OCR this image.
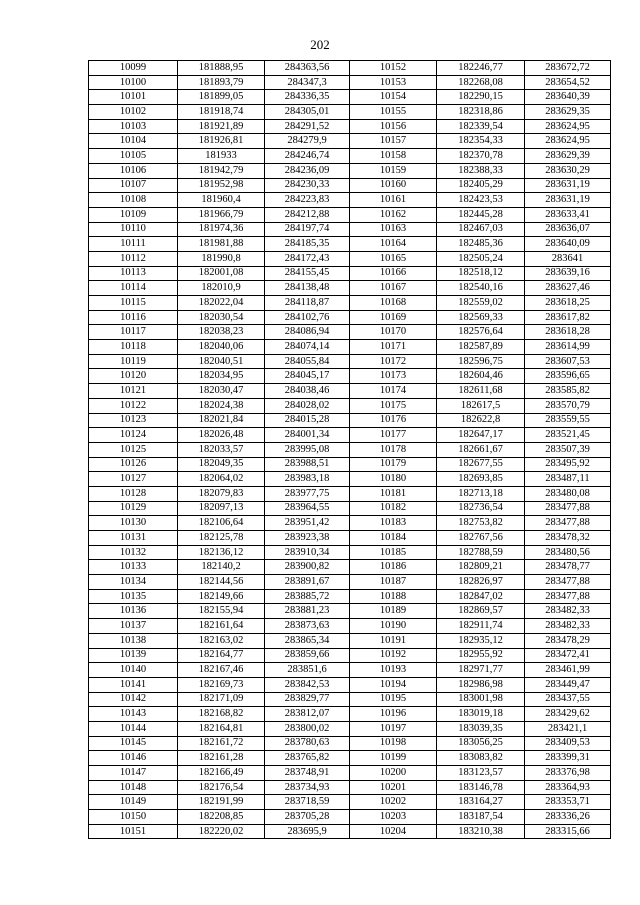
202
10099	181888,95	284363,56	10152	182246,77	283672,72
10100	181893,79	284347,3	10153	182268,08	283654,52
10101	181899,05	284336,35	10154	182290,15	283640,39
10102	181918,74	284305,01	10155	182318,86	283629,35
10103	181921,89	284291,52	10156	182339,54	283624,95
10104	181926,81	284279,9	10157	182354,33	283624,95
10105	181933	284246,74	10158	182370,78	283629,39
10106	181942,79	284236,09	10159	182388,33	283630,29
10107	181952,98	284230,33	10160	182405,29	283631,19
10108	181960,4	284223,83	10161	182423,53	283631,19
10109	181966,79	284212,88	10162	182445,28	283633,41
10110	181974,36	284197,74	10163	182467,03	283636,07
10111	181981,88	284185,35	10164	182485,36	283640,09
10112	181990,8	284172,43	10165	182505,24	283641
10113	182001,08	284155,45	10166	182518,12	283639,16
10114	182010,9	284138,48	10167	182540,16	283627,46
10115	182022,04	284118,87	10168	182559,02	283618,25
10116	182030,54	284102,76	10169	182569,33	283617,82
10117	182038,23	284086,94	10170	182576,64	283618,28
10118	182040,06	284074,14	10171	182587,89	283614,99
10119	182040,51	284055,84	10172	182596,75	283607,53
10120	182034,95	284045,17	10173	182604,46	283596,65
10121	182030,47	284038,46	10174	182611,68	283585,82
10122	182024,38	284028,02	10175	182617,5	283570,79
10123	182021,84	284015,28	10176	182622,8	283559,55
10124	182026,48	284001,34	10177	182647,17	283521,45
10125	182033,57	283995,08	10178	182661,67	283507,39
10126	182049,35	283988,51	10179	182677,55	283495,92
10127	182064,02	283983,18	10180	182693,85	283487,11
10128	182079,83	283977,75	10181	182713,18	283480,08
10129	182097,13	283964,55	10182	182736,54	283477,88
10130	182106,64	283951,42	10183	182753,82	283477,88
10131	182125,78	283923,38	10184	182767,56	283478,32
10132	182136,12	283910,34	10185	182788,59	283480,56
10133	182140,2	283900,82	10186	182809,21	283478,77
10134	182144,56	283891,67	10187	182826,97	283477,88
10135	182149,66	283885,72	10188	182847,02	283477,88
10136	182155,94	283881,23	10189	182869,57	283482,33
10137	182161,64	283873,63	10190	182911,74	283482,33
10138	182163,02	283865,34	10191	182935,12	283478,29
10139	182164,77	283859,66	10192	182955,92	283472,41
10140	182167,46	283851,6	10193	182971,77	283461,99
10141	182169,73	283842,53	10194	182986,98	283449,47
10142	182171,09	283829,77	10195	183001,98	283437,55
10143	182168,82	283812,07	10196	183019,18	283429,62
10144	182164,81	283800,02	10197	183039,35	283421,1
10145	182161,72	283780,63	10198	183056,25	283409,53
10146	182161,28	283765,82	10199	183083,82	283399,31
10147	182166,49	283748,91	10200	183123,57	283376,98
10148	182176,54	283734,93	10201	183146,78	283364,93
10149	182191,99	283718,59	10202	183164,27	283353,71
10150	182208,85	283705,28	10203	183187,54	283336,26
10151	182220,02	283695,9	10204	183210,38	283315,66
